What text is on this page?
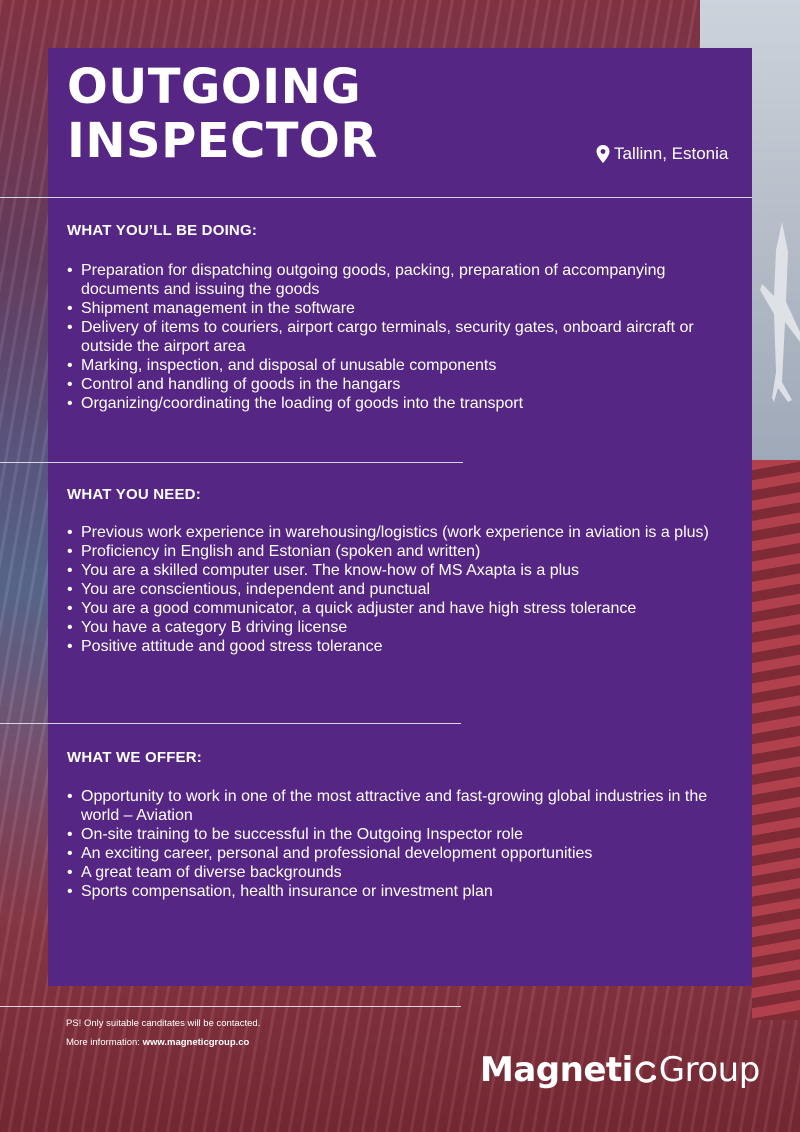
OUTGOING
INSPECTOR	Tallinn, Estonia
WHAT YOU’LL BE DOING:
• Preparation for dispatching outgoing goods, packing, preparation of accompanying documents and issuing the goods
• Shipment management in the software
• Delivery of items to couriers, airport cargo terminals, security gates, onboard aircraft or outside the airport area
• Marking, inspection, and disposal of unusable components
• Control and handling of goods in the hangars
• Organizing/coordinating the loading of goods into the transport
WHAT YOU NEED:
• Previous work experience in warehousing/logistics (work experience in aviation is a plus)
• Proficiency in English and Estonian (spoken and written)
• You are a skilled computer user. The know-how of MS Axapta is a plus
• You are conscientious, independent and punctual
• You are a good communicator, a quick adjuster and have high stress tolerance
• You have a category B driving license
• Positive attitude and good stress tolerance
WHAT WE OFFER:
• Opportunity to work in one of the most attractive and fast-growing global industries in the world – Aviation
• On-site training to be successful in the Outgoing Inspector role
• An exciting career, personal and professional development opportunities
• A great team of diverse backgrounds
• Sports compensation, health insurance or investment plan

PS! Only suitable canditates will be contacted.

More information: www.magneticgroup.co

Magneti Group
